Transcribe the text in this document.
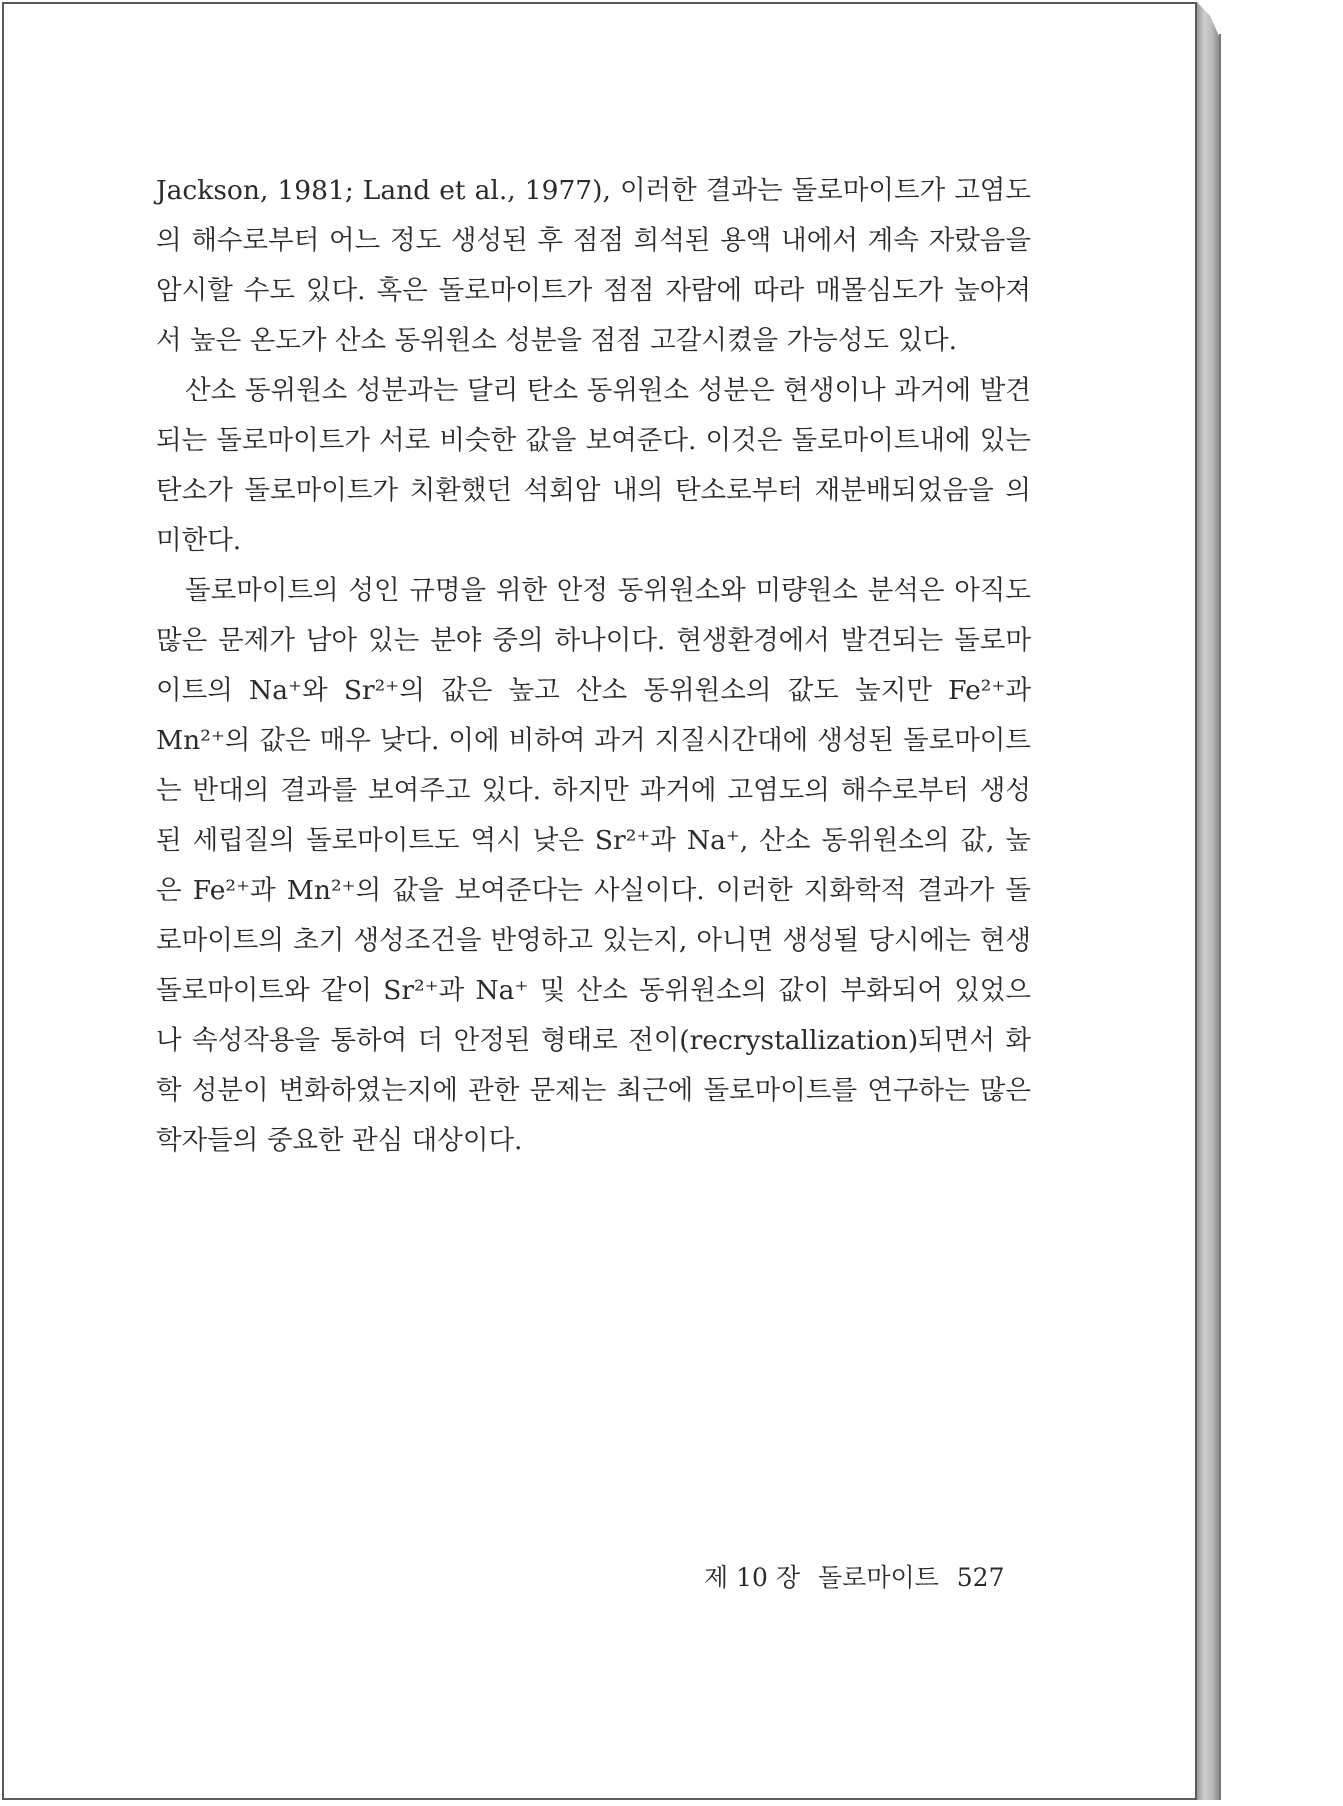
Jackson, 1981; Land et al., 1977), 이러한 결과는 돌로마이트가 고염도의 해수로부터 어느 정도 생성된 후 점점 희석된 용액 내에서 계속 자랐음을 암시할 수도 있다. 혹은 돌로마이트가 점점 자람에 따라 매몰심도가 높아져서 높은 온도가 산소 동위원소 성분을 점점 고갈시켰을 가능성도 있다.

산소 동위원소 성분과는 달리 탄소 동위원소 성분은 현생이나 과거에 발견되는 돌로마이트가 서로 비슷한 값을 보여준다. 이것은 돌로마이트내에 있는 탄소가 돌로마이트가 치환했던 석회암 내의 탄소로부터 재분배되었음을 의미한다.

돌로마이트의 성인 규명을 위한 안정 동위원소와 미량원소 분석은 아직도 많은 문제가 남아 있는 분야 중의 하나이다. 현생환경에서 발견되는 돌로마이트의 Na⁺와 Sr²⁺의 값은 높고 산소 동위원소의 값도 높지만 Fe²⁺과 Mn²⁺의 값은 매우 낮다. 이에 비하여 과거 지질시간대에 생성된 돌로마이트는 반대의 결과를 보여주고 있다. 하지만 과거에 고염도의 해수로부터 생성된 세립질의 돌로마이트도 역시 낮은 Sr²⁺과 Na⁺, 산소 동위원소의 값, 높은 Fe²⁺과 Mn²⁺의 값을 보여준다는 사실이다. 이러한 지화학적 결과가 돌로마이트의 초기 생성조건을 반영하고 있는지, 아니면 생성될 당시에는 현생 돌로마이트와 같이 Sr²⁺과 Na⁺ 및 산소 동위원소의 값이 부화되어 있었으나 속성작용을 통하여 더 안정된 형태로 전이(recrystallization)되면서 화학 성분이 변화하였는지에 관한 문제는 최근에 돌로마이트를 연구하는 많은 학자들의 중요한 관심 대상이다.

제 10 장 돌로마이트 527
